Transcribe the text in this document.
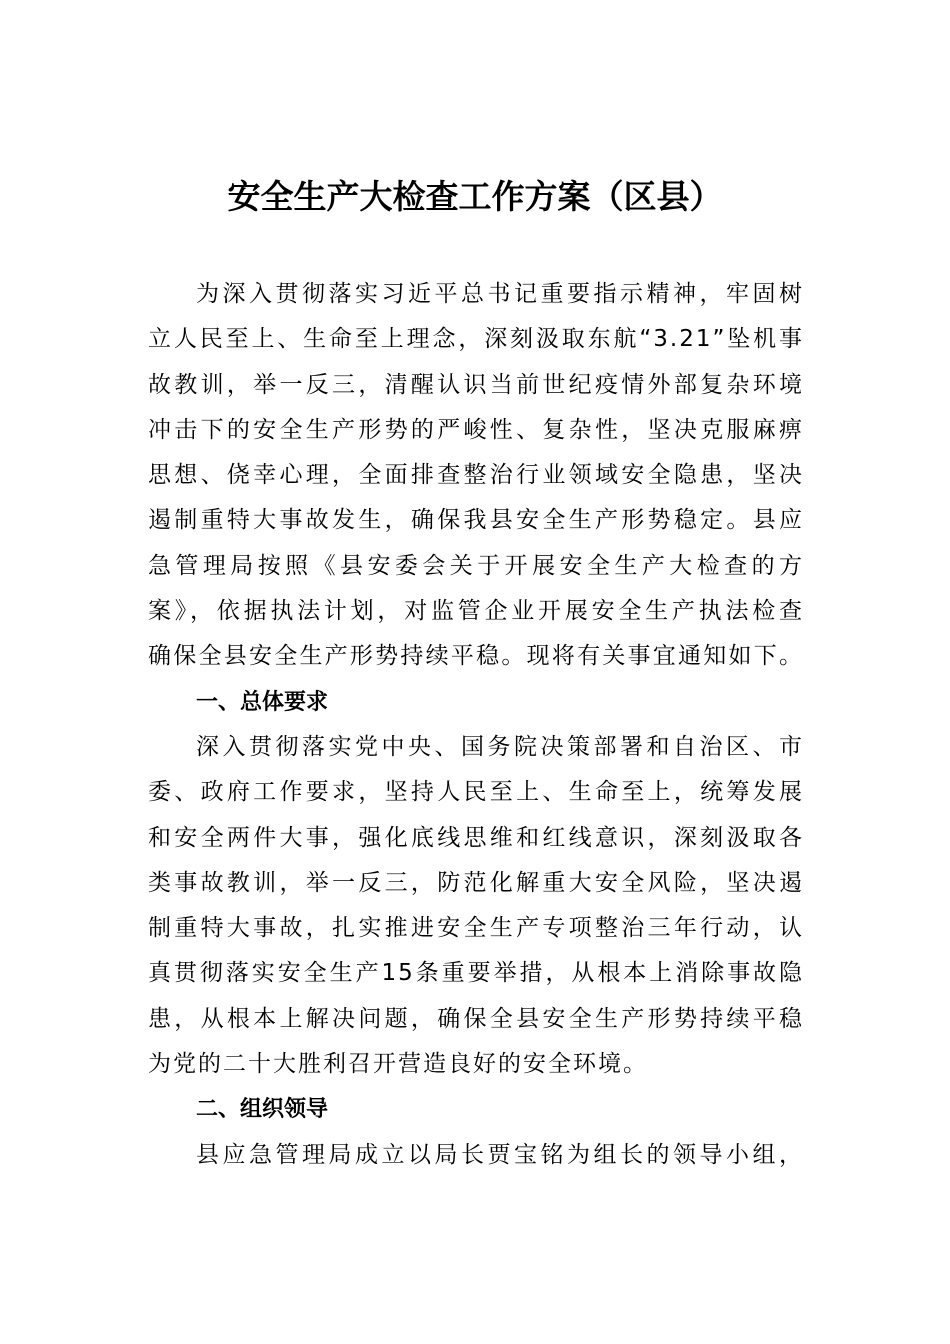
安全生产大检查工作方案（区县）
为深入贯彻落实习近平总书记重要指示精神，牢固树
立人民至上、生命至上理念，深刻汲取东航“3.21”坠机事
故教训，举一反三，清醒认识当前世纪疫情外部复杂环境
冲击下的安全生产形势的严峻性、复杂性，坚决克服麻痹
思想、侥幸心理，全面排查整治行业领域安全隐患，坚决
遏制重特大事故发生，确保我县安全生产形势稳定。县应
急管理局按照《县安委会关于开展安全生产大检查的方
案》，依据执法计划，对监管企业开展安全生产执法检查
确保全县安全生产形势持续平稳。现将有关事宜通知如下。
一、总体要求
深入贯彻落实党中央、国务院决策部署和自治区、市
委、政府工作要求，坚持人民至上、生命至上，统筹发展
和安全两件大事，强化底线思维和红线意识，深刻汲取各
类事故教训，举一反三，防范化解重大安全风险，坚决遏
制重特大事故，扎实推进安全生产专项整治三年行动，认
真贯彻落实安全生产15条重要举措，从根本上消除事故隐
患，从根本上解决问题，确保全县安全生产形势持续平稳
为党的二十大胜利召开营造良好的安全环境。
二、组织领导
县应急管理局成立以局长贾宝铭为组长的领导小组，
